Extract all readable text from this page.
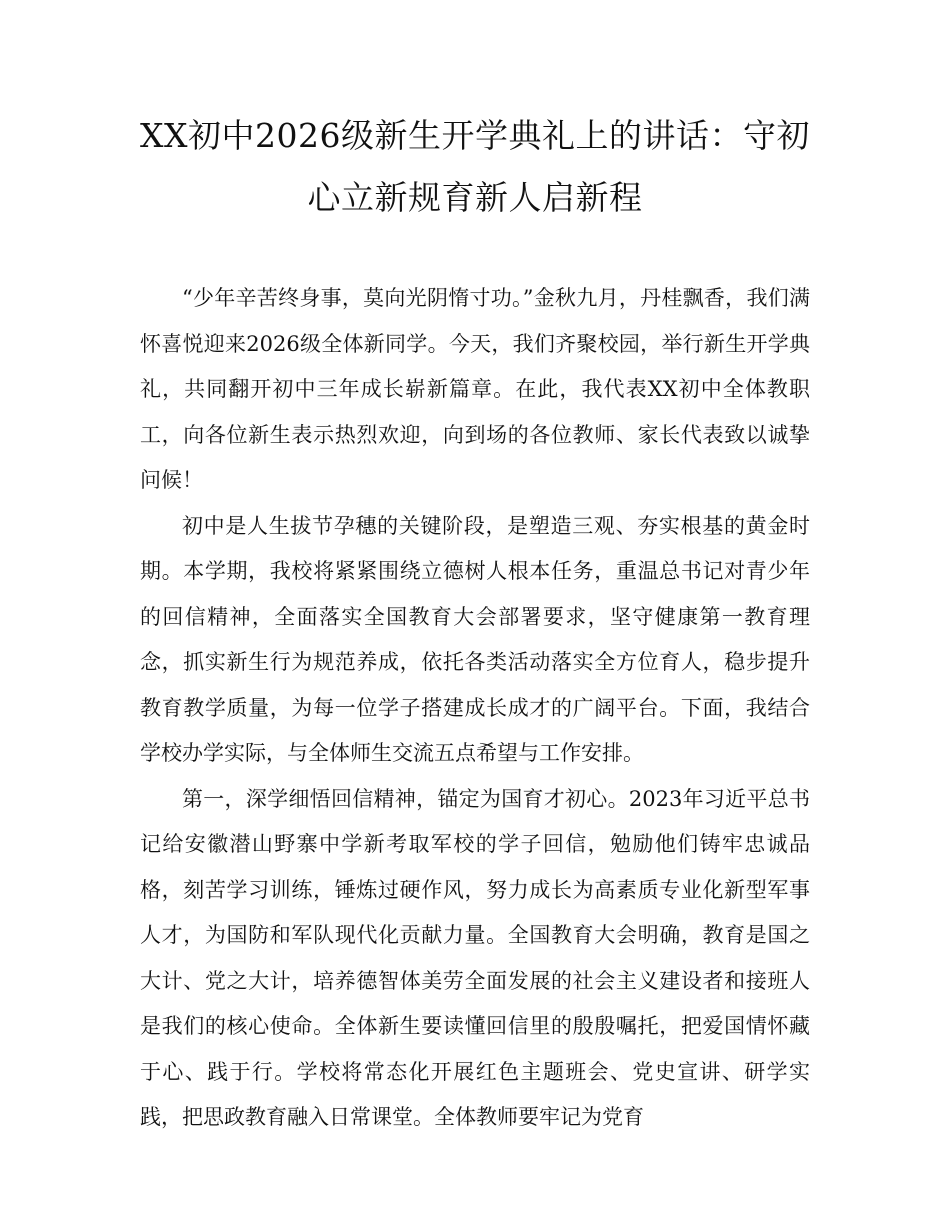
XX初中2026级新生开学典礼上的讲话：守初心立新规育新人启新程

“少年辛苦终身事，莫向光阴惰寸功。”金秋九月，丹桂飘香，我们满怀喜悦迎来2026级全体新同学。今天，我们齐聚校园，举行新生开学典礼，共同翻开初中三年成长崭新篇章。在此，我代表XX初中全体教职工，向各位新生表示热烈欢迎，向到场的各位教师、家长代表致以诚挚问候！

初中是人生拔节孕穗的关键阶段，是塑造三观、夯实根基的黄金时期。本学期，我校将紧紧围绕立德树人根本任务，重温总书记对青少年的回信精神，全面落实全国教育大会部署要求，坚守健康第一教育理念，抓实新生行为规范养成，依托各类活动落实全方位育人，稳步提升教育教学质量，为每一位学子搭建成长成才的广阔平台。下面，我结合学校办学实际，与全体师生交流五点希望与工作安排。

第一，深学细悟回信精神，锚定为国育才初心。2023年习近平总书记给安徽潜山野寨中学新考取军校的学子回信，勉励他们铸牢忠诚品格，刻苦学习训练，锤炼过硬作风，努力成长为高素质专业化新型军事人才，为国防和军队现代化贡献力量。全国教育大会明确，教育是国之大计、党之大计，培养德智体美劳全面发展的社会主义建设者和接班人是我们的核心使命。全体新生要读懂回信里的殷殷嘱托，把爱国情怀藏于心、践于行。学校将常态化开展红色主题班会、党史宣讲、研学实践，把思政教育融入日常课堂。全体教师要牢记为党育
